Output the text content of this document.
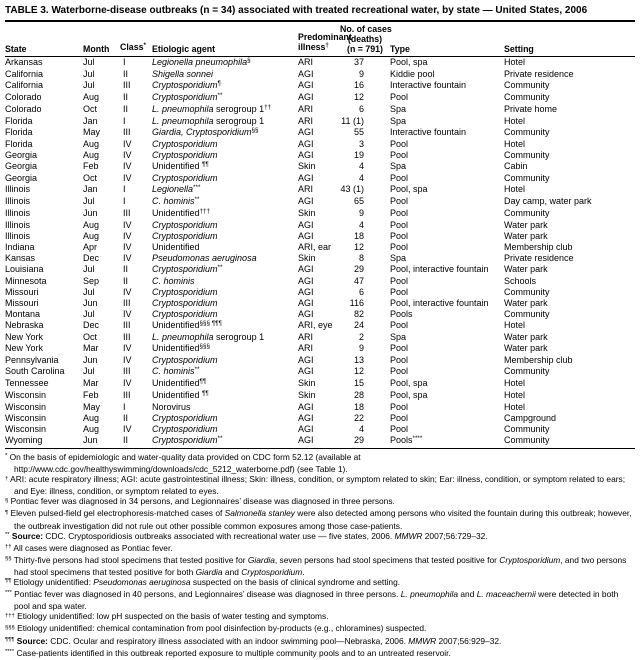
TABLE 3. Waterborne-disease outbreaks (n = 34) associated with treated recreational water, by state — United States, 2006
State	Month	Class*	Etiologic agent

Predominant
illness†

No. of cases
(deaths)
(n = 791)	Type	Setting

Arkansas	Jul	I	Legionella pneumophila§	ARI	37	Pool, spa	Hotel
California	Jul	II	Shigella sonnei	AGI	9	Kiddie pool	Private residence
California	Jul	III	Cryptosporidium¶	AGI	16	Interactive fountain	Community
Colorado	Aug	II	Cryptosporidium**	AGI	12	Pool	Community
Colorado	Oct	II	L. pneumophila serogroup 1††	ARI	6	Spa	Private home
Florida	Jan	I	L. pneumophila serogroup 1	ARI	11 (1)	Spa	Hotel
Florida	May	III	Giardia, Cryptosporidium§§	AGI	55	Interactive fountain	Community
Florida	Aug	IV	Cryptosporidium	AGI	3	Pool	Hotel
Georgia	Aug	IV	Cryptosporidium	AGI	19	Pool	Community
Georgia	Feb	IV	Unidentified ¶¶	Skin	4	Spa	Cabin
Georgia	Oct	IV	Cryptosporidium	AGI	4	Pool	Community
Illinois	Jan	I	Legionella***	ARI	43 (1)	Pool, spa	Hotel
Illinois	Jul	I	C. hominis**	AGI	65	Pool	Day camp, water park
Illinois	Jun	III	Unidentified†††	Skin	9	Pool	Community
Illinois	Aug	IV	Cryptosporidium	AGI	4	Pool	Water park
Illinois	Aug	IV	Cryptosporidium	AGI	18	Pool	Water park
Indiana	Apr	IV	Unidentified	ARI, ear	12	Pool	Membership club
Kansas	Dec	IV	Pseudomonas aeruginosa	Skin	8	Spa	Private residence
Louisiana	Jul	II	Cryptosporidium**	AGI	29	Pool, interactive fountain	Water park
Minnesota	Sep	II	C. hominis	AGI	47	Pool	Schools
Missouri	Jul	IV	Cryptosporidium	AGI	6	Pool	Community
Missouri	Jun	III	Cryptosporidium	AGI	116	Pool, interactive fountain	Water park
Montana	Jul	IV	Cryptosporidium	AGI	82	Pools	Community
Nebraska	Dec	III	Unidentified§§§ ¶¶¶	ARI, eye	24	Pool	Hotel
New York	Oct	III	L. pneumophila serogroup 1	ARI	2	Spa	Water park
New York	Mar	IV	Unidentified§§§	ARI	9	Pool	Water park
Pennsylvania	Jun	IV	Cryptosporidium	AGI	13	Pool	Membership club
South Carolina	Jul	III	C. hominis**	AGI	12	Pool	Community
Tennessee	Mar	IV	Unidentified¶¶	Skin	15	Pool, spa	Hotel
Wisconsin	Feb	III	Unidentified ¶¶	Skin	28	Pool, spa	Hotel
Wisconsin	May	I	Norovirus	AGI	18	Pool	Hotel
Wisconsin	Aug	II	Cryptosporidium	AGI	22	Pool	Campground
Wisconsin	Aug	IV	Cryptosporidium	AGI	4	Pool	Community
Wyoming	Jun	II	Cryptosporidium**	AGI	29	Pools****	Community

* On the basis of epidemiologic and water-quality data provided on CDC form 52.12 (available at http://www.cdc.gov/healthyswimming/downloads/cdc_5212_waterborne.pdf) (see Table 1).

† ARI: acute respiratory illness; AGI: acute gastrointestinal illness; Skin: illness, condition, or symptom related to skin; Ear: illness, condition, or symptom related to ears; and Eye: illness, condition, or symptom related to eyes.

§ Pontiac fever was diagnosed in 34 persons, and Legionnaires’ disease was diagnosed in three persons.

¶ Eleven pulsed-field gel electrophoresis-matched cases of Salmonella stanley were also detected among persons who visited the fountain during this outbreak; however, the outbreak investigation did not rule out other possible common exposures among those case-patients.

** Source: CDC. Cryptosporidiosis outbreaks associated with recreational water use — five states, 2006. MMWR 2007;56:729–32.

†† All cases were diagnosed as Pontiac fever.

§§ Thirty-five persons had stool specimens that tested positive for Giardia, seven persons had stool specimens that tested positive for Cryptosporidium, and two persons had stool specimens that tested positive for both Giardia and Cryptosporidium.

¶¶ Etiology unidentified: Pseudomonas aeruginosa suspected on the basis of clinical syndrome and setting.

*** Pontiac fever was diagnosed in 40 persons, and Legionnaires’ disease was diagnosed in three persons. L. pneumophila and L. maceachernii were detected in both pool and spa water.

††† Etiology unidentified: low pH suspected on the basis of water testing and symptoms.

§§§ Etiology unidentified: chemical contamination from pool disinfection by-products (e.g., chloramines) suspected.

¶¶¶ Source: CDC. Ocular and respiratory illness associated with an indoor swimming pool—Nebraska, 2006. MMWR 2007;56:929–32.

**** Case-patients identified in this outbreak reported exposure to multiple community pools and to an untreated reservoir.
